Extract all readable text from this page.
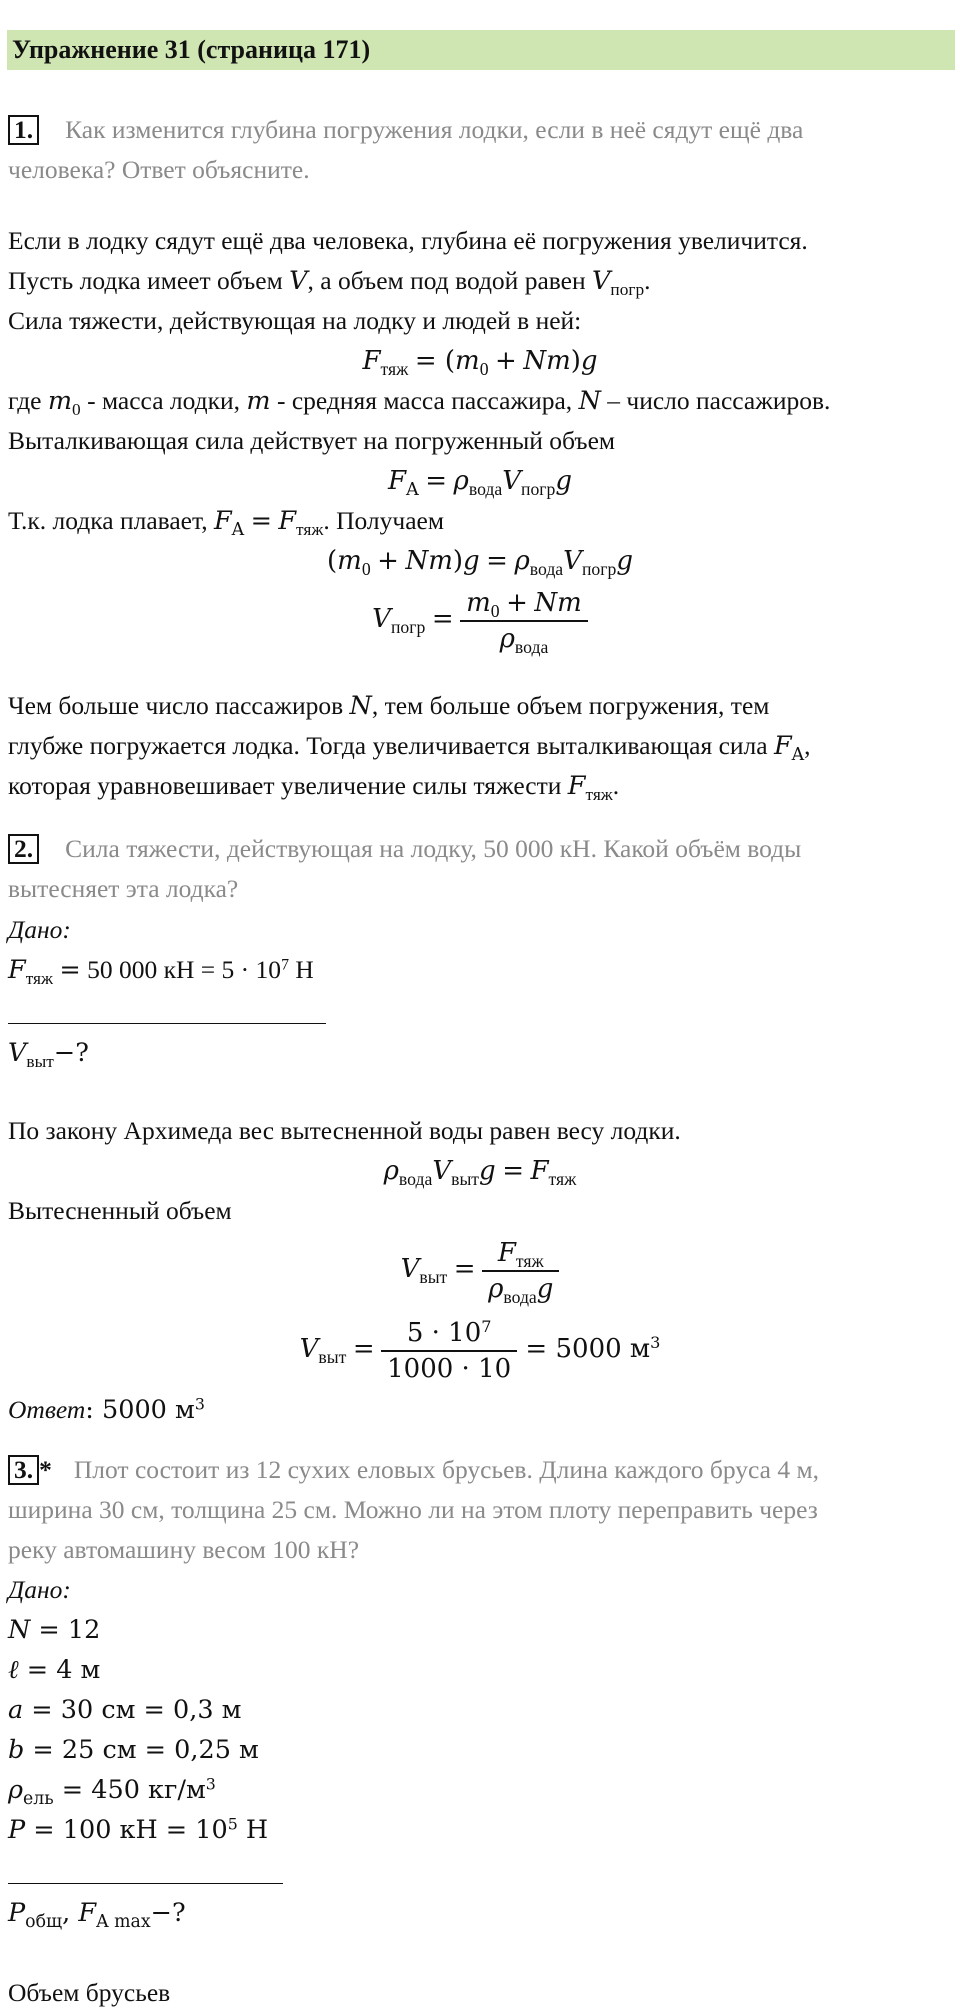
Упражнение 31 (страница 171)
1. Как изменится глубина погружения лодки, если в неё сядут ещё два
человека? Ответ объясните.
Если в лодку сядут ещё два человека, глубина её погружения увеличится.
Пусть лодка имеет объем V, а объем под водой равен $V_{погр}$.
Сила тяжести, действующая на лодку и людей в ней:
$F_{тяж} = (m_0 + Nm)g$
где $m_0$ - масса лодки, m - средняя масса пассажира, N – число пассажиров.
Выталкивающая сила действует на погруженный объем
$F_A = \rho_{вода}V_{погр}g$
Т.к. лодка плавает, $F_A = F_{тяж}$. Получаем
$(m_0 + Nm)g = \rho_{вода}V_{погр}g$
$V_{погр} = \frac{m_0 + Nm}{\rho_{вода}}$
Чем больше число пассажиров N, тем больше объем погружения, тем
глубже погружается лодка. Тогда увеличивается выталкивающая сила $F_A$,
которая уравновешивает увеличение силы тяжести $F_{тяж}$.
2. Сила тяжести, действующая на лодку, 50 000 кН. Какой объём воды
вытесняет эта лодка?
Дано:
$F_{тяж} = 50$ 000 кН = $5 \cdot 10^7$ Н
$V_{выт}-$?
По закону Архимеда вес вытесненной воды равен весу лодки.
$\rho_{вода}V_{выт}g = F_{тяж}$
Вытесненный объем
$V_{выт} = \frac{F_{тяж}}{\rho_{вода}g}$
$V_{выт} = \frac{5 \cdot 10^7}{1000 \cdot 10} = 5000$ $м^3$
Ответ: 5000 $м^3$
3. * Плот состоит из 12 сухих еловых брусьев. Длина каждого бруса 4 м,
ширина 30 см, толщина 25 см. Можно ли на этом плоту переправить через
реку автомашину весом 100 кН?
Дано:
N = 12
ℓ = 4 м
a = 30 см = 0,3 м
b = 25 см = 0,25 м
$\rho_{ель} = 450$ $кг/м^3$
P = 100 кН = $10^5$ Н
$P_{общ}$, $F_{A max}-$?
Объем брусьев
